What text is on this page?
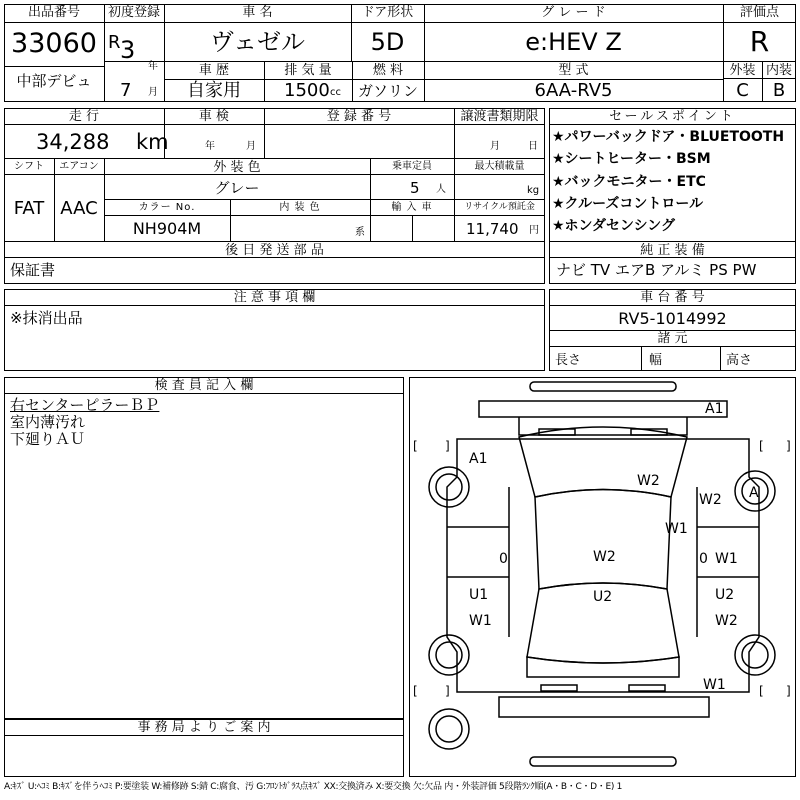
出品番号
33060
中部デビュ
初度登録
R 3
年
7 月
車 名
ヴェゼル
ドア形状
5D
グ レ ー ド
e:HEV Z
評価点
R
車 歴
自家用
排 気 量
1500 cc
燃 料
ガソリン
型 式
6AA-RV5
外装
C
内装
B
走 行
34,288 km
車 検
年	月
登 録 番 号	譲渡書類期限
月	日
シフト
FAT
エアコン
AAC
外 装 色
グレー
乗車定員
5 人
最大積載量
kg
カラー No.
NH904M
内 装 色
系
輸 入 車	リサイクル預託金
11,740 円
後 日 発 送 部 品
保証書
セールスポイント
★パワーバックドア・BLUETOOTH
★シートヒーター・BSM
★バックモニター・ETC
★クルーズコントロール
★ホンダセンシング
純 正 装 備
ナビ TV エアB アルミ PS PW
注 意 事 項 欄
※抹消出品
車 台 番 号
RV5-1014992
諸 元
長さ	幅	高さ
検 査 員 記 入 欄
右センターピラーＢＰ
室内薄汚れ
下廻りＡＵ
事 務 局 よ り ご 案 内
[ ]	[ ]
[ ]	[ ]
A1
A1
W2
W2 A
W1
0	W2	0 W1
U1	U2	U2
W1	W2
W1
A:ｷｽﾞ U:ﾍｺﾐ B:ｷｽﾞを伴うﾍｺﾐ P:要塗装 W:補修跡 S:錆 C:腐食、汚 G:ﾌﾛﾝﾄｶﾞﾗｽ点ｷｽﾞ XX:交換済み X:要交換 欠:欠品 内・外装評価 5段階ﾗﾝｸ順(A・B・C・D・E) 1
